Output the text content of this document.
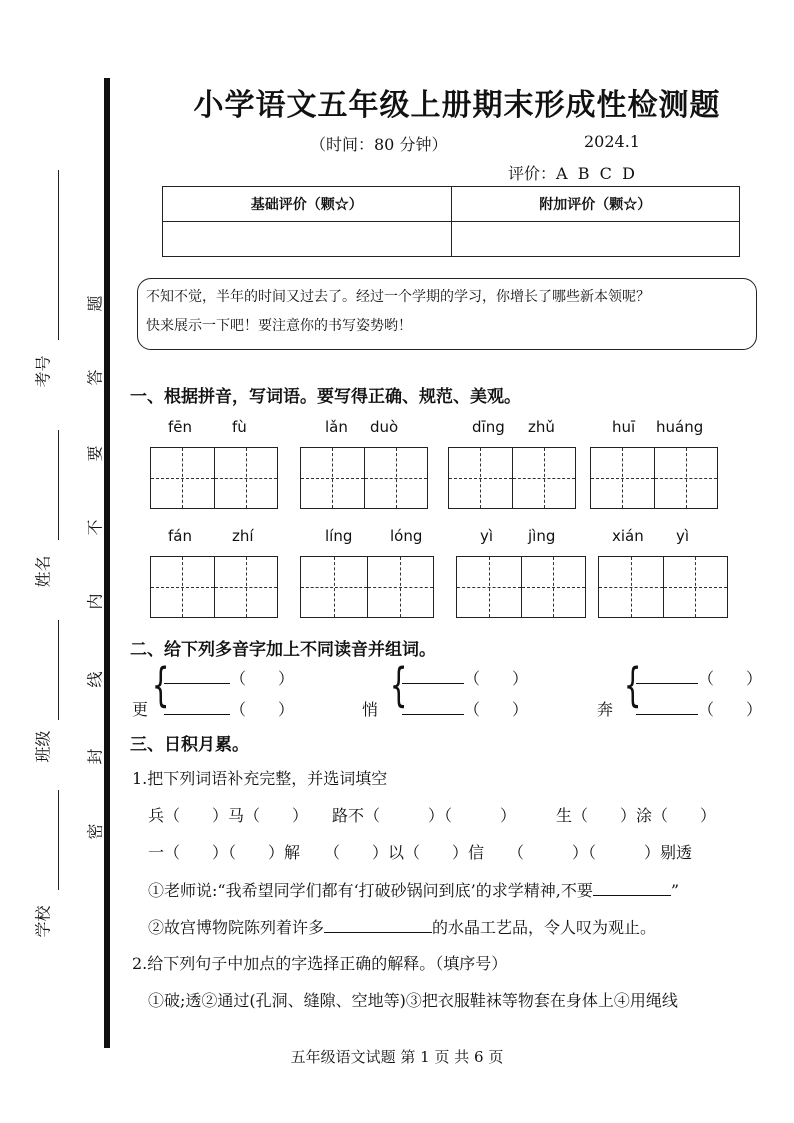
考号
姓名
班级
学校
题
答
要
不
内
线
封
密
小学语文五年级上册期末形成性检测题
（时间：80 分钟）	2024.1
评价：A  B  C  D
基础评价（颗☆）	附加评价（颗☆）

不知不觉，半年的时间又过去了。经过一个学期的学习，你增长了哪些新本领呢？
快来展示一下吧！要注意你的书写姿势哟！
一、根据拼音，写词语。要写得正确、规范、美观。
fēn	fù	lǎn duò	dīng zhǔ	huī huáng
fán	zhí	líng	lóng	yì jìng	xián yì
二、给下列多音字加上不同读音并组词。
更 {	（　　）
（　　）	悄 {	（　　）
（　　）	奔 {	（　　）
（　　）
三、日积月累。
1.把下列词语补充完整，并选词填空
兵（　　）马（　　）　　路不（　　　）（　　　）　　　生（　　）涂（　　）
一（　　）（　　）解　　（　　）以（　　）信　　（　　　）（　　　）剔透
①老师说:“我希望同学们都有‘打破砂锅问到底’的求学精神,不要	”
②故宫博物院陈列着许多	的水晶工艺品，令人叹为观止。
2.给下列句子中加点的字选择正确的解释。（填序号）
①破;透②通过(孔洞、缝隙、空地等)③把衣服鞋袜等物套在身体上④用绳线
五年级语文试题 第 1 页 共 6 页
